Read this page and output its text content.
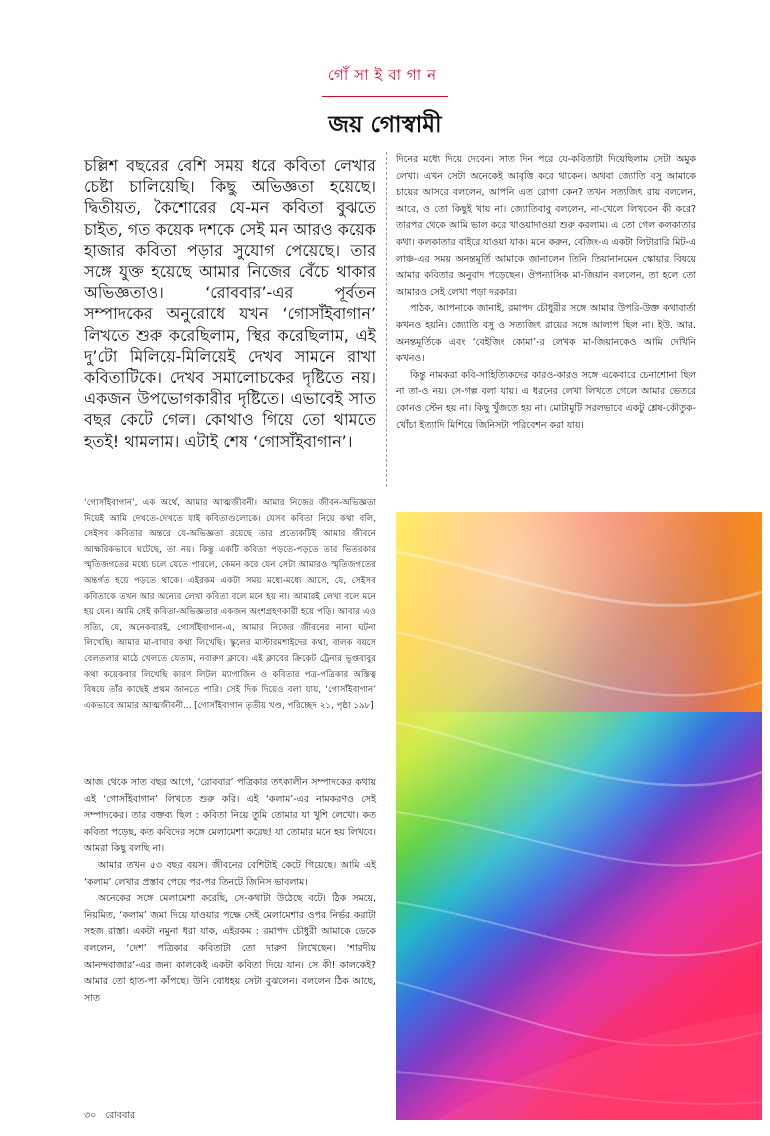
গোঁসাইবাগান
জয় গোস্বামী
চল্লিশ বছরের বেশি সময় ধরে কবিতা লেখার চেষ্টা চালিয়েছি। কিছু অভিজ্ঞতা হয়েছে। দ্বিতীয়ত, কৈশোরের যে-মন কবিতা বুঝতে চাইত, গত কয়েক দশকে সেই মন আরও কয়েক হাজার কবিতা পড়ার সুযোগ পেয়েছে। তার সঙ্গে যুক্ত হয়েছে আমার নিজের বেঁচে থাকার অভিজ্ঞতাও। ‘রোববার’-এর পূর্বতন সম্পাদকের অনুরোধে যখন ‘গোসাঁইবাগান’ লিখতে শুরু করেছিলাম, স্থির করেছিলাম, এই দু’টো মিলিয়ে-মিলিয়েই দেখব সামনে রাখা কবিতাটিকে। দেখব সমালোচকের দৃষ্টিতে নয়। একজন উপভোগকারীর দৃষ্টিতে। এভাবেই সাত বছর কেটে গেল। কোথাও গিয়ে তো থামতে হতই! থামলাম। এটাই শেষ ‘গোসাঁইবাগান’।
‘গোসাঁইবাগান’, এক অর্থে, আমার আত্মজীবনী। আমার নিজের জীবন-অভিজ্ঞতা দিয়েই আমি দেখতে-দেখতে যাই কবিতাগুলোকে। যেসব কবিতা নিয়ে কথা বলি, সেইসব কবিতার অন্তরে যে-অভিজ্ঞতা রয়েছে তার প্রত্যেকটিই আমার জীবনে আক্ষরিকভাবে ঘটেছে, তা নয়। কিন্তু একটি কবিতা পড়তে-পড়তে তার ভিতরকার স্মৃতিজগতের মধ্যে চলে যেতে পারলে, কেমন করে যেন সেটা আমারও স্মৃতিজগতের অন্তর্গত হয়ে পড়তে থাকে। এইরকম একটা সময় মধ্যে-মধ্যে আসে, যে, সেইসব কবিতাকে তখন আর অন্যের লেখা কবিতা বলে মনে হয় না। আমারই লেখা বলে মনে হয় যেন। আমি সেই কবিতা-অভিজ্ঞতার একজন অংশগ্রহণকারী হয়ে পড়ি। আবার এও সত্যি, যে, অনেকবারই, গোসাঁইবাগান-এ, আমার নিজের জীবনের নানা ঘটনা লিখেছি। আমার মা-বাবার কথা লিখেছি। স্কুলের মাস্টারমশাইদের কথা, বালক বয়সে বেলতলার মাঠে খেলতে যেতাম, নবারুণ ক্লাবে। এই ক্লাবের ক্রিকেট ট্রেনার ভূপ্তবাবুর কথা কয়েকবার লিখেছি কারণ লিটল ম্যাগাজিন ও কবিতার পত্র-পত্রিকার অস্তিত্ব বিষয়ে তাঁর কাছেই প্রথম জানতে পারি। সেই দিক দিয়েও বলা যায়, ‘গোসাঁইবাগান’ একভাবে আমার আত্মজীবনী... [গোসাঁইবাগান তৃতীয় খণ্ড, পরিচ্ছেদ ২১, পৃষ্ঠা ১৯৮]

আজ থেকে সাত বছর আগে, ‘রোববার’ পত্রিকার তৎকালীন সম্পাদকের কথায় এই ‘গোসাঁইবাগান’ লিখতে শুরু করি। এই ‘কলাম’-এর নামকরণও সেই সম্পাদকের। তার বক্তব্য ছিল : কবিতা নিয়ে তুমি তোমার যা খুশি লেখো। কত কবিতা পড়েছ, কত কবিদের সঙ্গে মেলামেশা করেছ! যা তোমার মনে হয় লিখবে। আমরা কিছু বলছি না।

আমার তখন ৫৩ বছর বয়স। জীবনের বেশিটাই কেটে গিয়েছে। আমি এই ‘কলাম’ লেখার প্রস্তাব পেয়ে পর-পর তিনটে জিনিস ভাবলাম।

অনেকের সঙ্গে মেলামেশা করেছি, সে-কথাটা উঠেছে বটে। ঠিক সময়ে, নিয়মিত, ‘কলাম’ জমা দিয়ে যাওয়ার পক্ষে সেই মেলামেশার ওপর নির্ভর করাটা সহজ রাস্তা। একটা নমুনা ধরা যাক, এইরকম : রমাপদ চৌধুরী আমাকে ডেকে বললেন, ‘দেশ’ পত্রিকার কবিতাটা তো দারুণ লিখেছেন। ‘শারদীয় আনন্দবাজার’-এর জন্য কালকেই একটা কবিতা দিয়ে যান। সে কী! কালকেই? আমার তো হাত-পা কাঁপছে। উনি বোধহয় সেটা বুঝলেন। বললেন ঠিক আছে, সাত

দিনের মধ্যে দিয়ে দেবেন। সাত দিন পরে যে-কবিতাটা দিয়েছিলাম সেটা অমুক লেখা। এখন সেটা অনেকেই আবৃত্তি করে থাকেন। অথবা জ্যোতি বসু আমাকে চায়ের আসরে বললেন, আপনি এত রোগা কেন? তখন সত্যজিৎ রায় বললেন, আরে, ও তো কিছুই খায় না। জ্যোতিবাবু বললেন, না-খেলে লিখবেন কী করে? তারপর থেকে আমি ভাল করে খাওয়াদাওয়া শুরু করলাম। এ তো গেল কলকাতার কথা। কলকাতার বাইরে যাওয়া যাক। মনে করুন, বেজিং-এ একটা লিটারারি মিট-এ লাঞ্চ-এর সময় অনন্তমূর্তি আমাকে জানালেন তিনি তিয়ানানমেন স্কোয়ার বিষয়ে আমার কবিতার অনুবাদ পড়েছেন। ঔপন্যাসিক মা-জিয়ান বললেন, তা হলে তো আমারও সেই লেখা পড়া দরকার।

পাঠক, আপনাকে জানাই, রমাপদ চৌধুরীর সঙ্গে আমার উপরি-উক্ত কথাবার্তা কখনও হয়নি। জ্যোতি বসু ও সত্যজিৎ রায়ের সঙ্গে আলাপ ছিল না। ইউ. আর. অনন্তমূর্তিকে এবং ‘বেইজিং কোমা’-র লেখক মা-জিয়ানকেও আমি দেখিনি কখনও।

কিন্তু নামকরা কবি-সাহিত্যিকদের কারও-কারও সঙ্গে একেবারে চেনাশোনা ছিল না তা-ও নয়। সে-গল্প বলা যায়। এ ধরনের লেখা লিখতে গেলে আমার ভেতরে কোনও স্টেন হয় না। কিছু খুঁজতে হয় না। মোটামুটি সরলভাবে একটু শ্লেষ-কৌতুক-খোঁচা ইত্যাদি মিশিয়ে জিনিসটা পরিবেশন করা যায়।

৩০ রোববার
